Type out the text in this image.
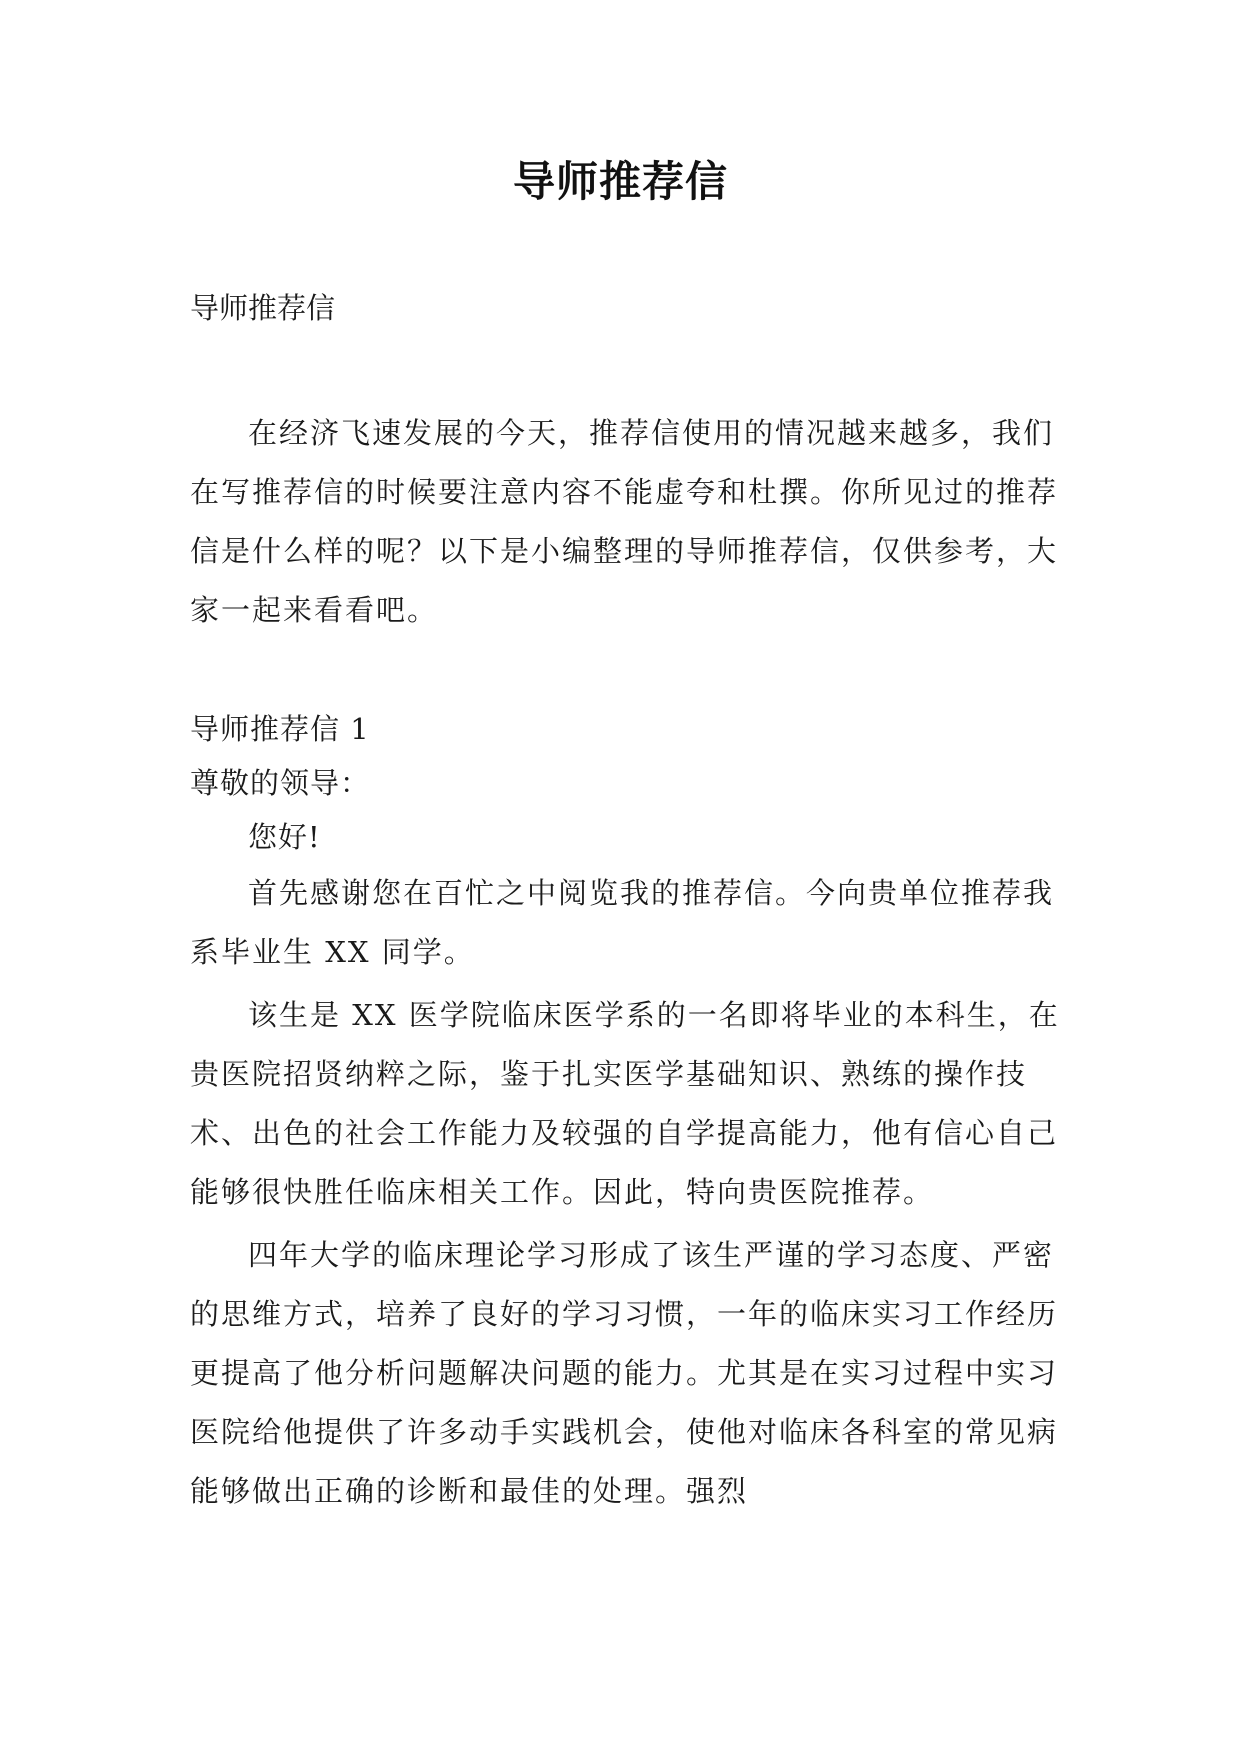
导师推荐信
导师推荐信

在经济飞速发展的今天，推荐信使用的情况越来越多，我们在写推荐信的时候要注意内容不能虚夸和杜撰。你所见过的推荐信是什么样的呢？以下是小编整理的导师推荐信，仅供参考，大家一起来看看吧。

导师推荐信 1

尊敬的领导：

您好!

首先感谢您在百忙之中阅览我的推荐信。今向贵单位推荐我系毕业生 XX 同学。

该生是 XX 医学院临床医学系的一名即将毕业的本科生，在贵医院招贤纳粹之际，鉴于扎实医学基础知识、熟练的操作技术、出色的社会工作能力及较强的自学提高能力，他有信心自己能够很快胜任临床相关工作。因此，特向贵医院推荐。

四年大学的临床理论学习形成了该生严谨的学习态度、严密的思维方式，培养了良好的学习习惯，一年的临床实习工作经历更提高了他分析问题解决问题的能力。尤其是在实习过程中实习医院给他提供了许多动手实践机会，使他对临床各科室的常见病能够做出正确的诊断和最佳的处理。强烈
